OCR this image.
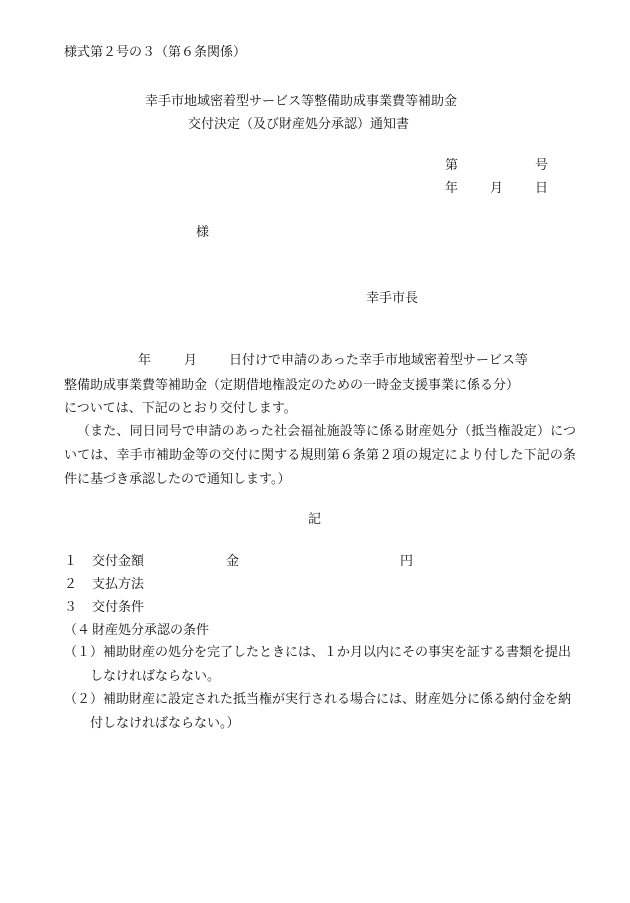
様式第２号の３（第６条関係）
幸手市地域密着型サービス等整備助成事業費等補助金
交付決定（及び財産処分承認）通知書
第	号
年 月 日
様
幸手市長
年	月 日付けで申請のあった幸手市地域密着型サービス等
整備助成事業費等補助金（定期借地権設定のための一時金支援事業に係る分）
については、下記のとおり交付します。
（また、同日同号で申請のあった社会福祉施設等に係る財産処分（抵当権設定）については、幸手市補助金等の交付に関する規則第６条第２項の規定により付した下記の条件に基づき承認したので通知します。）
記
１ 交付金額	金	円
２ 支払方法
３ 交付条件
（４ 財産処分承認の条件
（１）補助財産の処分を完了したときには、１か月以内にその事実を証する書類を提出しなければならない。
（２）補助財産に設定された抵当権が実行される場合には、財産処分に係る納付金を納付しなければならない。）
